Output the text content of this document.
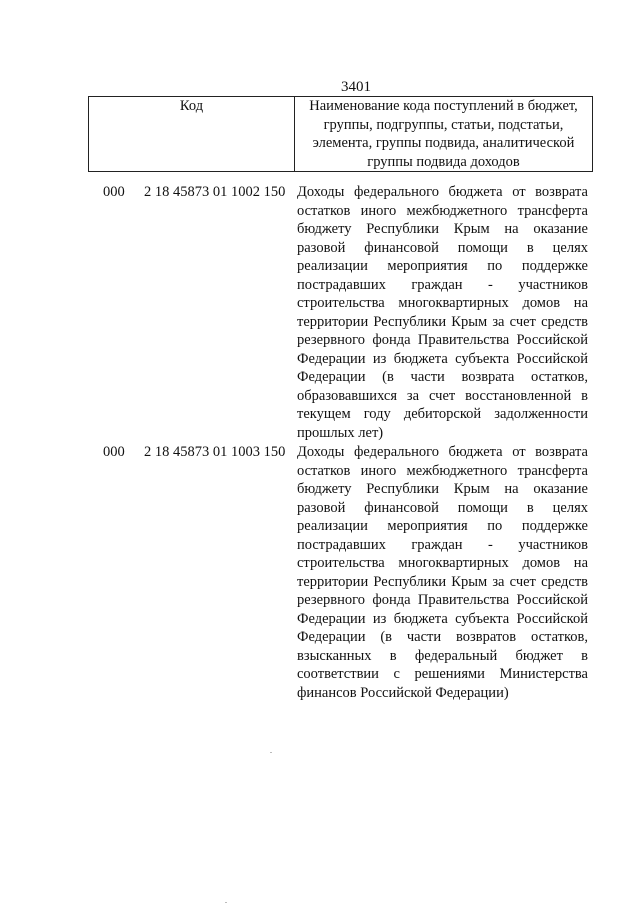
3401
Код	Наименование кода поступлений в бюджет, группы, подгруппы, статьи, подстатьи, элемента, группы подвида, аналитической группы подвида доходов
000 2 18 45873 01 1002 150 Доходы федерального бюджета от возврата
остатков иного межбюджетного трансферта
бюджету Республики Крым на оказание
разовой финансовой помощи в целях
реализации мероприятия по поддержке
пострадавших граждан - участников
строительства многоквартирных домов на
территории Республики Крым за счет средств
резервного фонда Правительства Российской
Федерации из бюджета субъекта Российской
Федерации (в части возврата остатков,
образовавшихся за счет восстановленной в
текущем году дебиторской задолженности
прошлых лет)
000 2 18 45873 01 1003 150 Доходы федерального бюджета от возврата
остатков иного межбюджетного трансферта
бюджету Республики Крым на оказание
разовой финансовой помощи в целях
реализации мероприятия по поддержке
пострадавших граждан - участников
строительства многоквартирных домов на
территории Республики Крым за счет средств
резервного фонда Правительства Российской
Федерации из бюджета субъекта Российской
Федерации (в части возвратов остатков,
взысканных в федеральный бюджет в
соответствии с решениями Министерства
финансов Российской Федерации)
